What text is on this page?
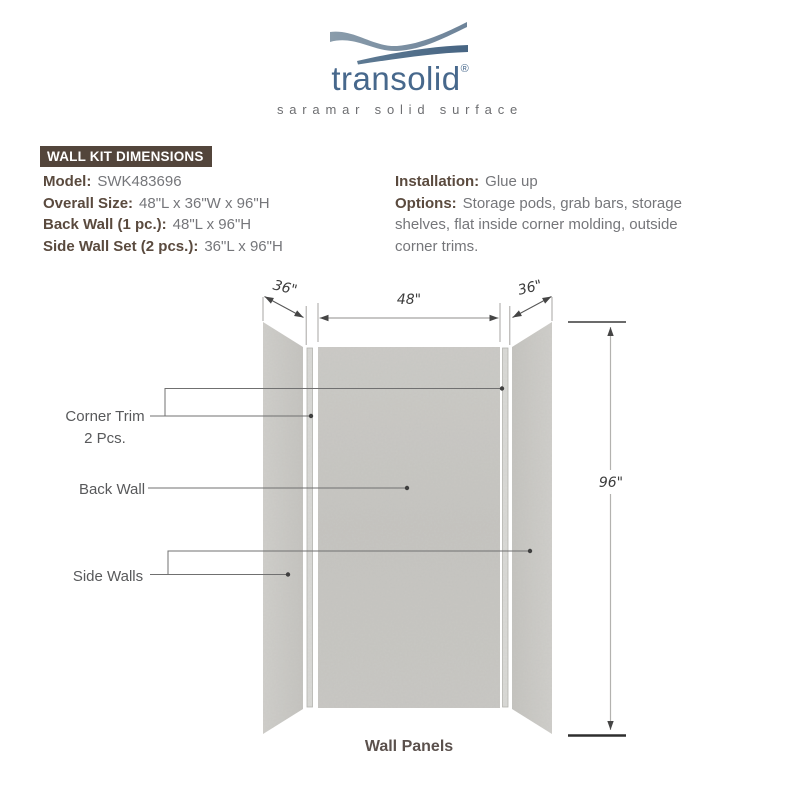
transolid®
saramar solid surface
WALL KIT DIMENSIONS
Model: SWK483696
Overall Size: 48"L x 36"W x 96"H
Back Wall (1 pc.): 48"L x 96"H
Side Wall Set (2 pcs.): 36"L x 96"H
Installation: Glue up
Options: Storage pods, grab bars, storage shelves, flat inside corner molding, outside corner trims.
36"
48"
36"
96"
Corner Trim
2 Pcs.
Back Wall
Side Walls
Wall Panels
